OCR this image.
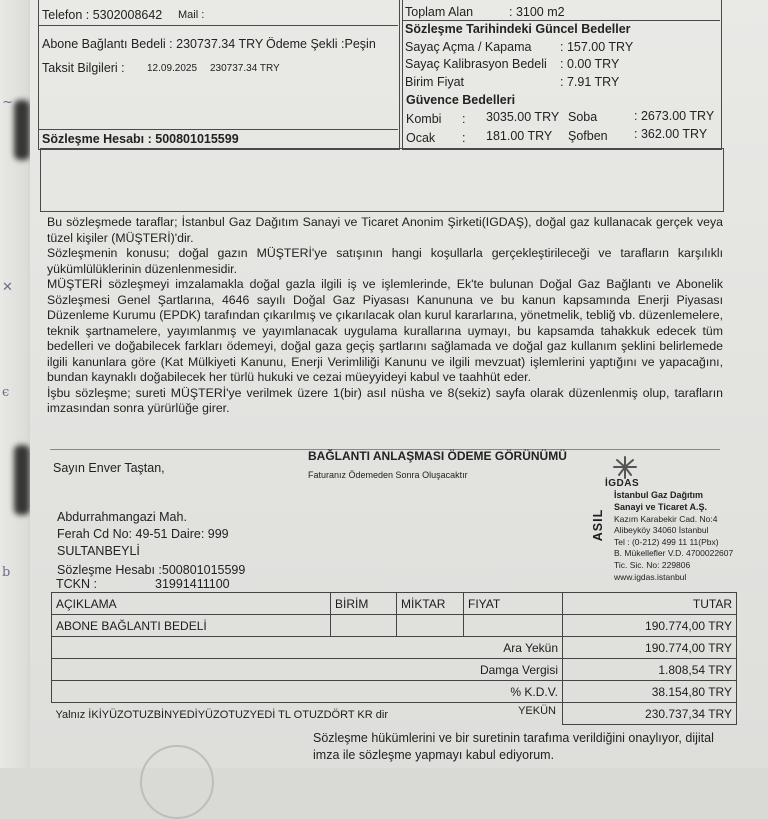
~
✕
ϵ
b
Telefon : 5302008642 Mail :
Abone Bağlantı Bedeli : 230737.34 TRY Ödeme Şekli :Peşin
Taksit Bilgileri : 12.09.2025 230737.34 TRY
Sözleşme Hesabı : 500801015599
Toplam Alan	: 3100 m2
Sözleşme Tarihindeki Güncel Bedeller
Sayaç Açma / Kapama : 157.00 TRY
Sayaç Kalibrasyon Bedeli : 0.00 TRY
Birim Fiyat	: 7.91 TRY
Güvence Bedelleri
Kombi : 3035.00 TRY Soba	: 2673.00 TRY
Ocak : 181.00 TRY Şofben : 362.00 TRY

Bu sözleşmede taraflar; İstanbul Gaz Dağıtım Sanayi ve Ticaret Anonim Şirketi(IGDAŞ), doğal gaz kullanacak gerçek veya tüzel kişiler (MÜŞTERİ)'dir.

Sözleşmenin konusu; doğal gazın MÜŞTERİ'ye satışının hangi koşullarla gerçekleştirileceği ve tarafların karşılıklı yükümlülüklerinin düzenlenmesidir.

MÜŞTERİ sözleşmeyi imzalamakla doğal gazla ilgili iş ve işlemlerinde, Ek'te bulunan Doğal Gaz Bağlantı ve Abonelik Sözleşmesi Genel Şartlarına, 4646 sayılı Doğal Gaz Piyasası Kanununa ve bu kanun kapsamında Enerji Piyasası Düzenleme Kurumu (EPDK) tarafından çıkarılmış ve çıkarılacak olan kurul kararlarına, yönetmelik, tebliğ vb. düzenlemelere, teknik şartnamelere, yayımlanmış ve yayımlanacak uygulama kurallarına uymayı, bu kapsamda tahakkuk edecek tüm bedelleri ve doğabilecek farkları ödemeyi, doğal gaza geçiş şartlarını sağlamada ve doğal gaz kullanım şeklini belirlemede ilgili kanunlara göre (Kat Mülkiyeti Kanunu, Enerji Verimliliği Kanunu ve ilgili mevzuat) işlemlerini yaptığını ve yapacağını, bundan kaynaklı doğabilecek her türlü hukuki ve cezai müeyyideyi kabul ve taahhüt eder.

İşbu sözleşme; sureti MÜŞTERİ'ye verilmek üzere 1(bir) asıl nüsha ve 8(sekiz) sayfa olarak düzenlenmiş olup, tarafların imzasından sonra yürürlüğe girer.

Sayın Enver Taştan,
BAĞLANTI ANLAŞMASI ÖDEME GÖRÜNÜMÜ
Faturanız Ödemeden Sonra Oluşacaktır
ASIL
Abdurrahmangazi Mah.
Ferah Cd No: 49-51 Daire: 999
SULTANBEYLİ
Sözleşme Hesabı :500801015599
TCKN :	31991411100
İGDAS
İstanbul Gaz Dağıtım
Sanayi ve Ticaret A.Ş.
Kazım Karabekir Cad. No:4
Alibeyköy 34060 İstanbul
Tel : (0-212) 499 11 11(Pbx)
B. Mükellefler V.D. 4700022607
Tic. Sic. No: 229806
www.igdas.istanbul
AÇIKLAMA	BİRİM	MİKTAR	FIYAT	TUTAR
ABONE BAĞLANTI BEDELİ				190.774,00 TRY
Ara Yekün				190.774,00 TRY
Damga Vergisi				1.808,54 TRY
% K.D.V.				38.154,80 TRY
Yalnız İKİYÜZOTUZBİNYEDİYÜZOTUZYEDİ TL OTUZDÖRT KR dir YEKÜN				230.737,34 TRY
Sözleşme hükümlerini ve bir suretinin tarafıma verildiğini onaylıyor, dijital imza ile sözleşme yapmayı kabul ediyorum.
